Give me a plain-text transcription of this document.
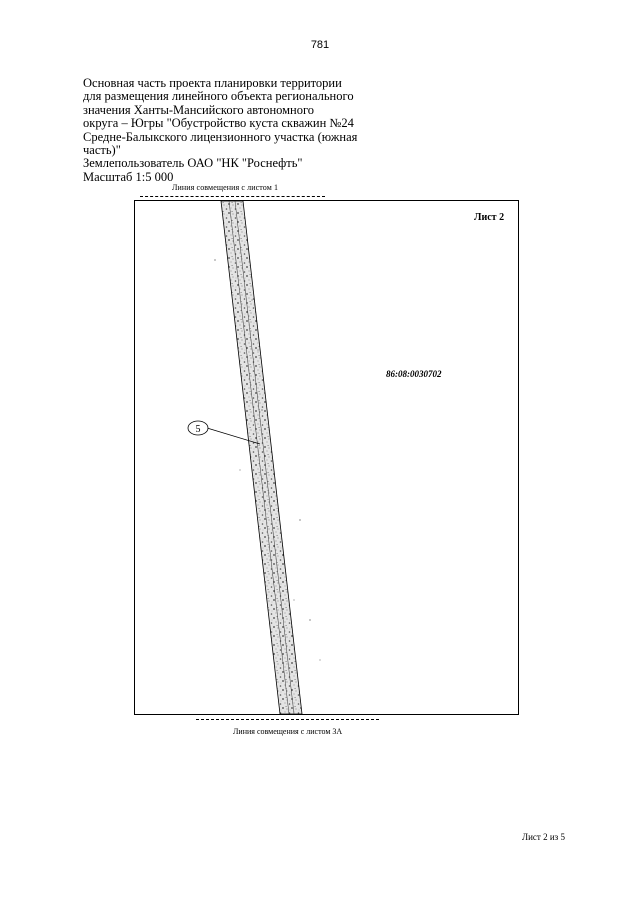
781
Основная часть проекта планировки территории
для размещения линейного объекта регионального
значения Ханты-Мансийского автономного
округа – Югры "Обустройство куста скважин №24
Средне-Балыкского лицензионного участка (южная
часть)"
Землепользователь ОАО "НК "Роснефть"
Масштаб 1:5 000
Линия совмещения с листом 1
5
Лист 2
86:08:0030702
Линия совмещения с листом 3А
Лист 2 из 5
